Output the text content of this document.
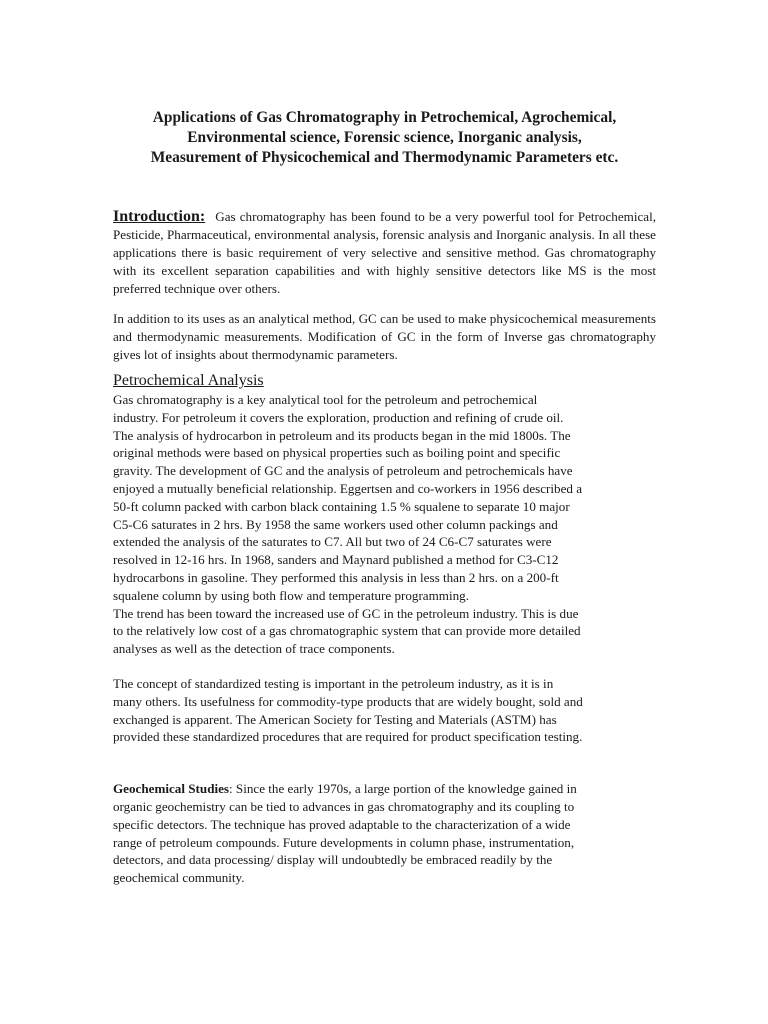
Applications of Gas Chromatography in Petrochemical, Agrochemical,
Environmental science, Forensic science, Inorganic analysis,
Measurement of Physicochemical and Thermodynamic Parameters etc.

Introduction: Gas chromatography has been found to be a very powerful tool for Petrochemical, Pesticide, Pharmaceutical, environmental analysis, forensic analysis and Inorganic analysis. In all these applications there is basic requirement of very selective and sensitive method. Gas chromatography with its excellent separation capabilities and with highly sensitive detectors like MS is the most preferred technique over others.

In addition to its uses as an analytical method, GC can be used to make physicochemical measurements and thermodynamic measurements. Modification of GC in the form of Inverse gas chromatography gives lot of insights about thermodynamic parameters.

Petrochemical Analysis

Gas chromatography is a key analytical tool for the petroleum and petrochemical
industry. For petroleum it covers the exploration, production and refining of crude oil.
The analysis of hydrocarbon in petroleum and its products began in the mid 1800s. The
original methods were based on physical properties such as boiling point and specific
gravity. The development of GC and the analysis of petroleum and petrochemicals have
enjoyed a mutually beneficial relationship. Eggertsen and co-workers in 1956 described a
50-ft column packed with carbon black containing 1.5 % squalene to separate 10 major
C5-C6 saturates in 2 hrs. By 1958 the same workers used other column packings and
extended the analysis of the saturates to C7. All but two of 24 C6-C7 saturates were
resolved in 12-16 hrs. In 1968, sanders and Maynard published a method for C3-C12
hydrocarbons in gasoline. They performed this analysis in less than 2 hrs. on a 200-ft
squalene column by using both flow and temperature programming.
The trend has been toward the increased use of GC in the petroleum industry. This is due
to the relatively low cost of a gas chromatographic system that can provide more detailed
analyses as well as the detection of trace components.

The concept of standardized testing is important in the petroleum industry, as it is in
many others. Its usefulness for commodity-type products that are widely bought, sold and
exchanged is apparent. The American Society for Testing and Materials (ASTM) has
provided these standardized procedures that are required for product specification testing.

Geochemical Studies: Since the early 1970s, a large portion of the knowledge gained in
organic geochemistry can be tied to advances in gas chromatography and its coupling to
specific detectors. The technique has proved adaptable to the characterization of a wide
range of petroleum compounds. Future developments in column phase, instrumentation,
detectors, and data processing/ display will undoubtedly be embraced readily by the
geochemical community.
